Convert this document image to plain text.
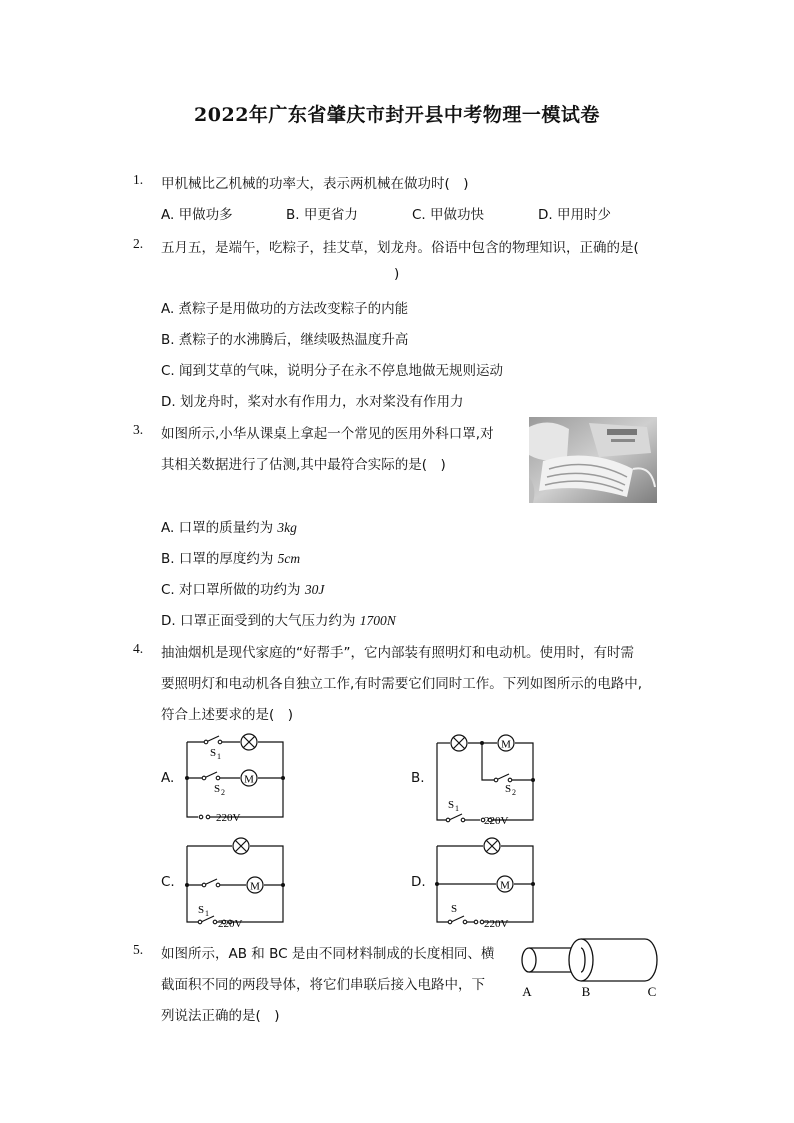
2022年广东省肇庆市封开县中考物理一模试卷
1. 甲机械比乙机械的功率大，表示两机械在做功时(　)
A. 甲做功多	B. 甲更省力	C. 甲做功快	D. 甲用时少
2. 五月五，是端午，吃粽子，挂艾草，划龙舟。俗语中包含的物理知识，正确的是(
)
A. 煮粽子是用做功的方法改变粽子的内能
B. 煮粽子的水沸腾后，继续吸热温度升高
C. 闻到艾草的气味，说明分子在永不停息地做无规则运动
D. 划龙舟时，桨对水有作用力，水对桨没有作用力
3. 如图所示,小华从课桌上拿起一个常见的医用外科口罩,对
其相关数据进行了估测,其中最符合实际的是(　)
A. 口罩的质量约为 3kg
B. 口罩的厚度约为 5cm
C. 对口罩所做的功约为 30J
D. 口罩正面受到的大气压力约为 1700N
4. 抽油烟机是现代家庭的“好帮手”，它内部装有照明灯和电动机。使用时，有时需
要照明灯和电动机各自独立工作,有时需要它们同时工作。下列如图所示的电路中,
符合上述要求的是(　)
A.	B.
C.	D.
M
S 1
S 2
220V
M
S 2
S 1
220V
M
S 1
220V
M
S
220V
5. 如图所示，AB 和 BC 是由不同材料制成的长度相同、横
截面积不同的两段导体，将它们串联后接入电路中，下
列说法正确的是(　)
A	B	C
